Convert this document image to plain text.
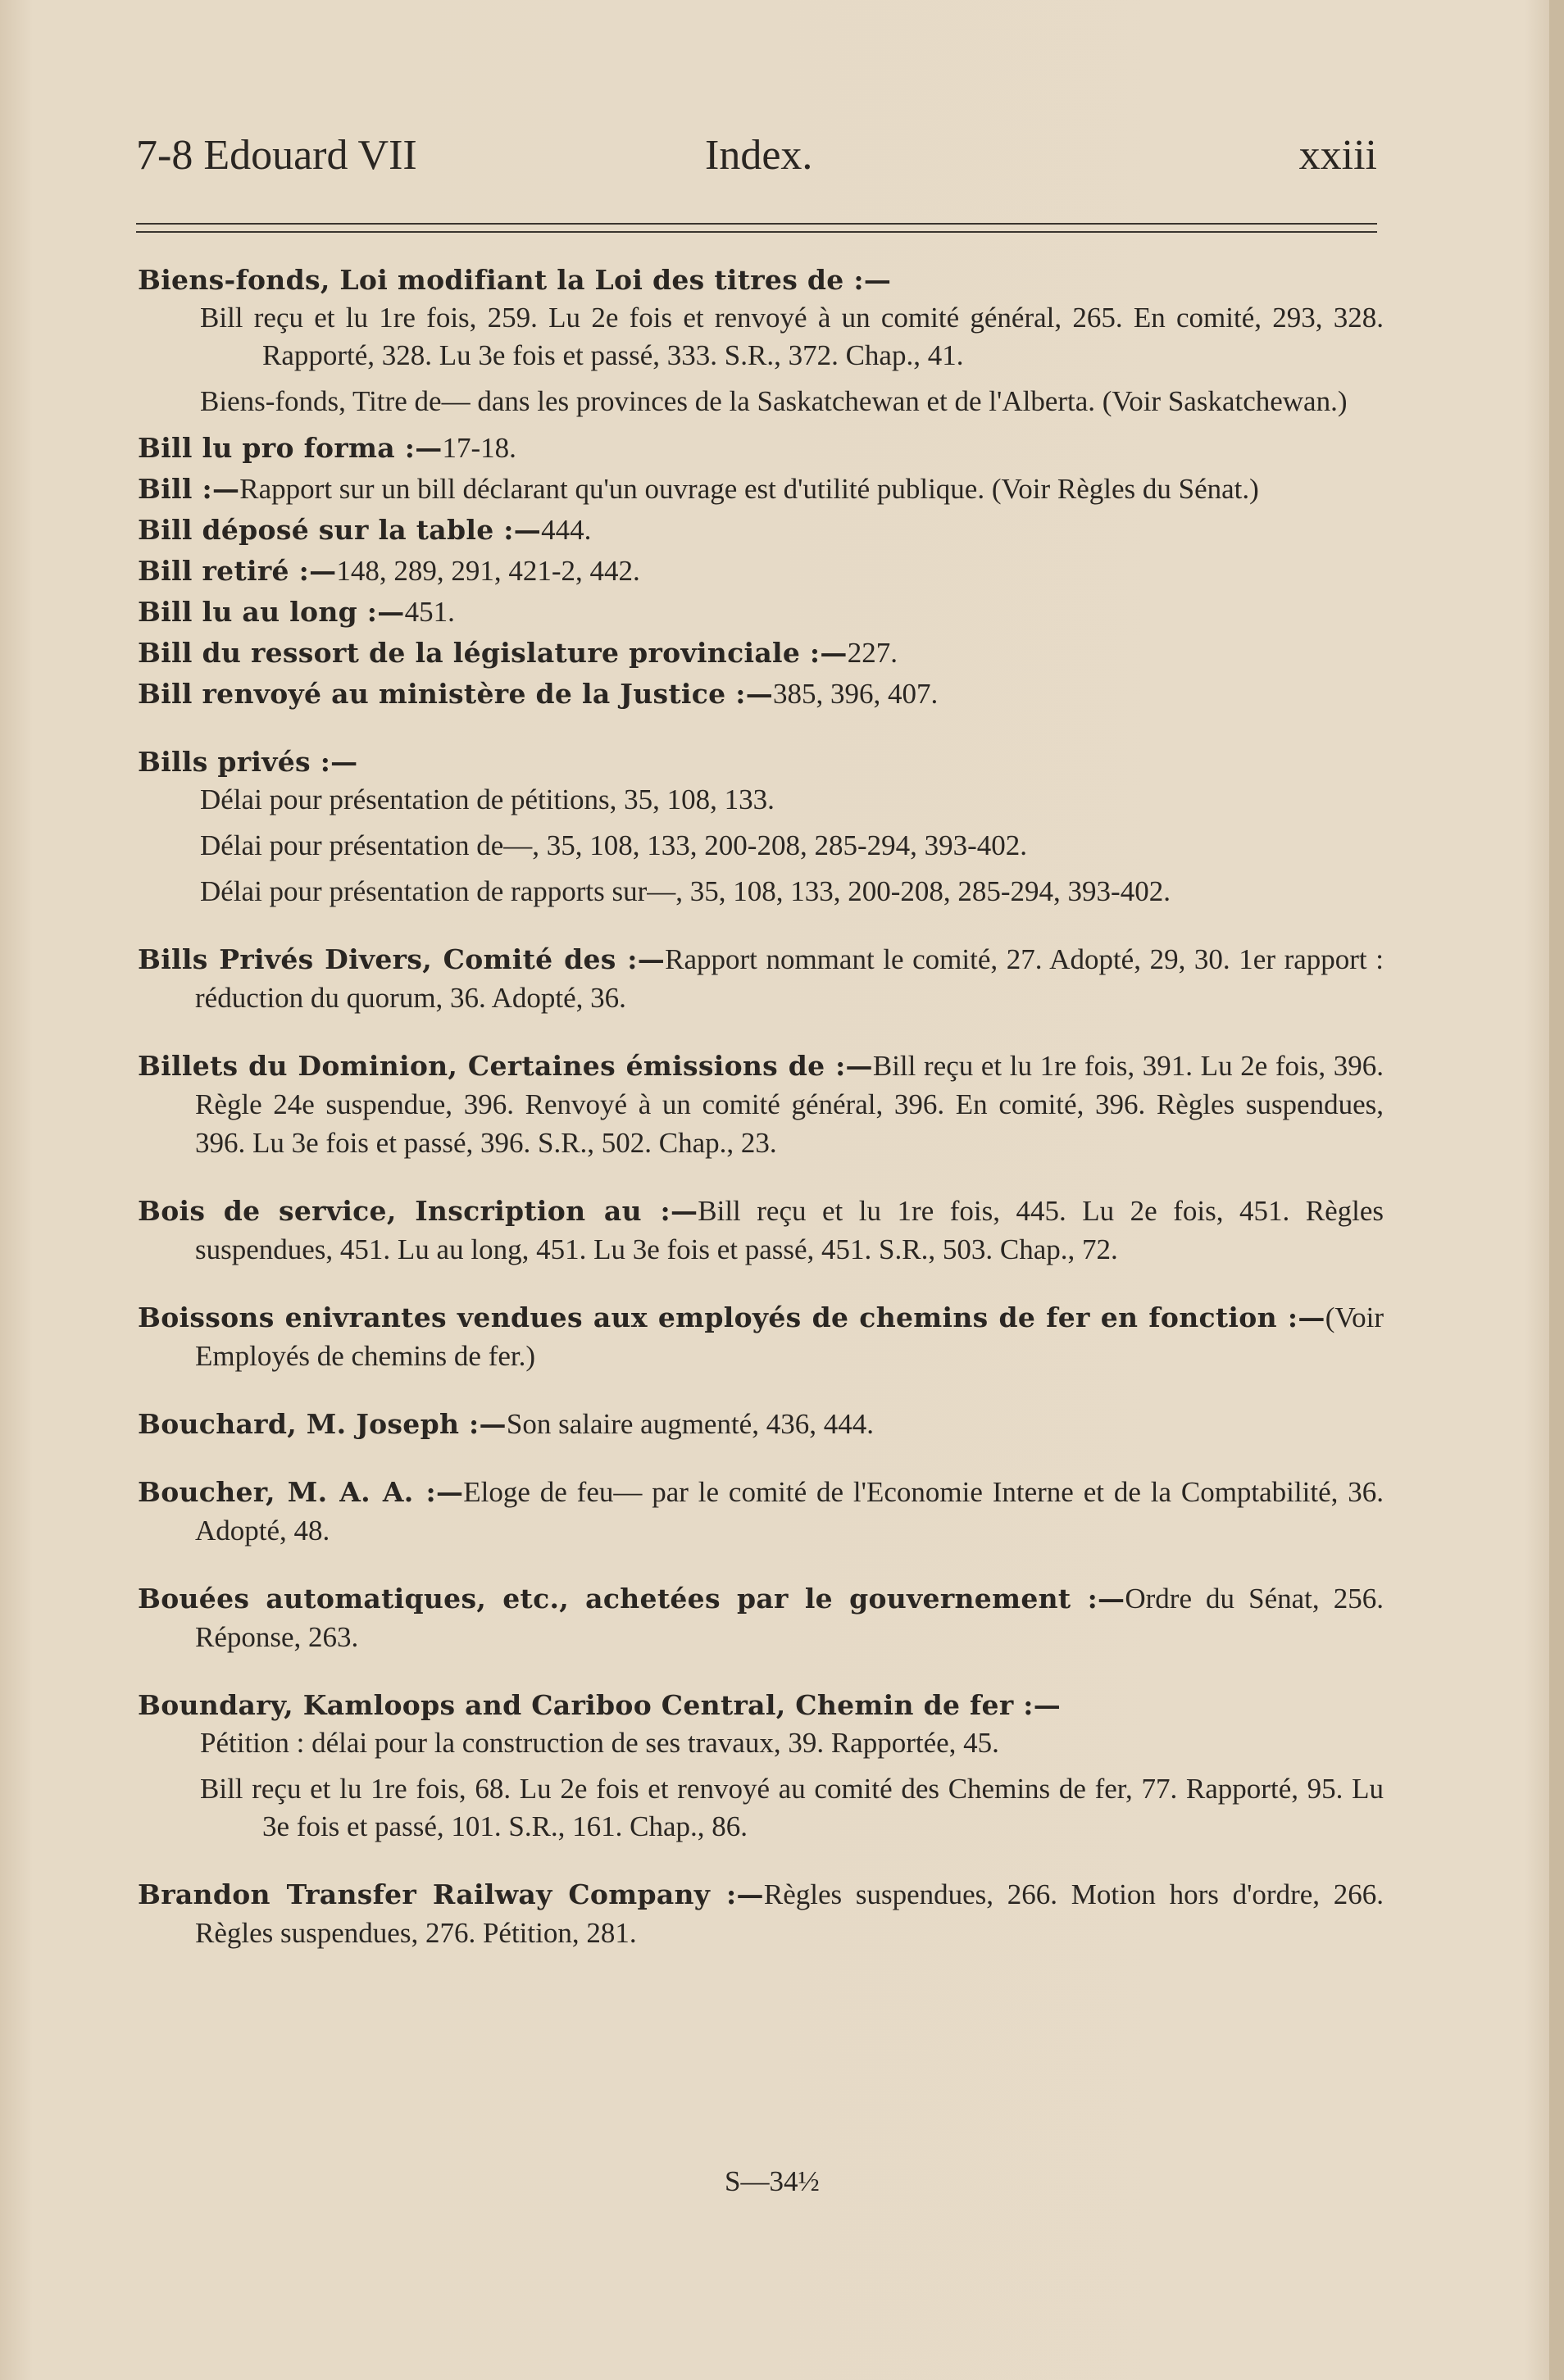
7-8 Edouard VII	Index.	xxiii
Biens-fonds, Loi modifiant la Loi des titres de :—
Bill reçu et lu 1re fois, 259. Lu 2e fois et renvoyé à un comité général, 265. En comité, 293, 328. Rapporté, 328. Lu 3e fois et passé, 333. S.R., 372. Chap., 41.
Biens-fonds, Titre de— dans les provinces de la Saskatchewan et de l'Alberta. (Voir Saskatchewan.)
Bill lu pro forma :—17-18.
Bill :—Rapport sur un bill déclarant qu'un ouvrage est d'utilité publique. (Voir Règles du Sénat.)
Bill déposé sur la table :—444.
Bill retiré :—148, 289, 291, 421-2, 442.
Bill lu au long :—451.
Bill du ressort de la législature provinciale :—227.
Bill renvoyé au ministère de la Justice :—385, 396, 407.
Bills privés :—
Délai pour présentation de pétitions, 35, 108, 133.
Délai pour présentation de—, 35, 108, 133, 200-208, 285-294, 393-402.
Délai pour présentation de rapports sur—, 35, 108, 133, 200-208, 285-294, 393-402.
Bills Privés Divers, Comité des :—Rapport nommant le comité, 27. Adopté, 29, 30. 1er rapport : réduction du quorum, 36. Adopté, 36.
Billets du Dominion, Certaines émissions de :—Bill reçu et lu 1re fois, 391. Lu 2e fois, 396. Règle 24e suspendue, 396. Renvoyé à un comité général, 396. En comité, 396. Règles suspendues, 396. Lu 3e fois et passé, 396. S.R., 502. Chap., 23.
Bois de service, Inscription au :—Bill reçu et lu 1re fois, 445. Lu 2e fois, 451. Règles suspendues, 451. Lu au long, 451. Lu 3e fois et passé, 451. S.R., 503. Chap., 72.
Boissons enivrantes vendues aux employés de chemins de fer en fonction :—(Voir Employés de chemins de fer.)
Bouchard, M. Joseph :—Son salaire augmenté, 436, 444.
Boucher, M. A. A. :—Eloge de feu— par le comité de l'Economie Interne et de la Comptabilité, 36. Adopté, 48.
Bouées automatiques, etc., achetées par le gouvernement :—Ordre du Sénat, 256. Réponse, 263.
Boundary, Kamloops and Cariboo Central, Chemin de fer :—
Pétition : délai pour la construction de ses travaux, 39. Rapportée, 45.
Bill reçu et lu 1re fois, 68. Lu 2e fois et renvoyé au comité des Chemins de fer, 77. Rapporté, 95. Lu 3e fois et passé, 101. S.R., 161. Chap., 86.
Brandon Transfer Railway Company :—Règles suspendues, 266. Motion hors d'ordre, 266. Règles suspendues, 276. Pétition, 281.
S—34½
